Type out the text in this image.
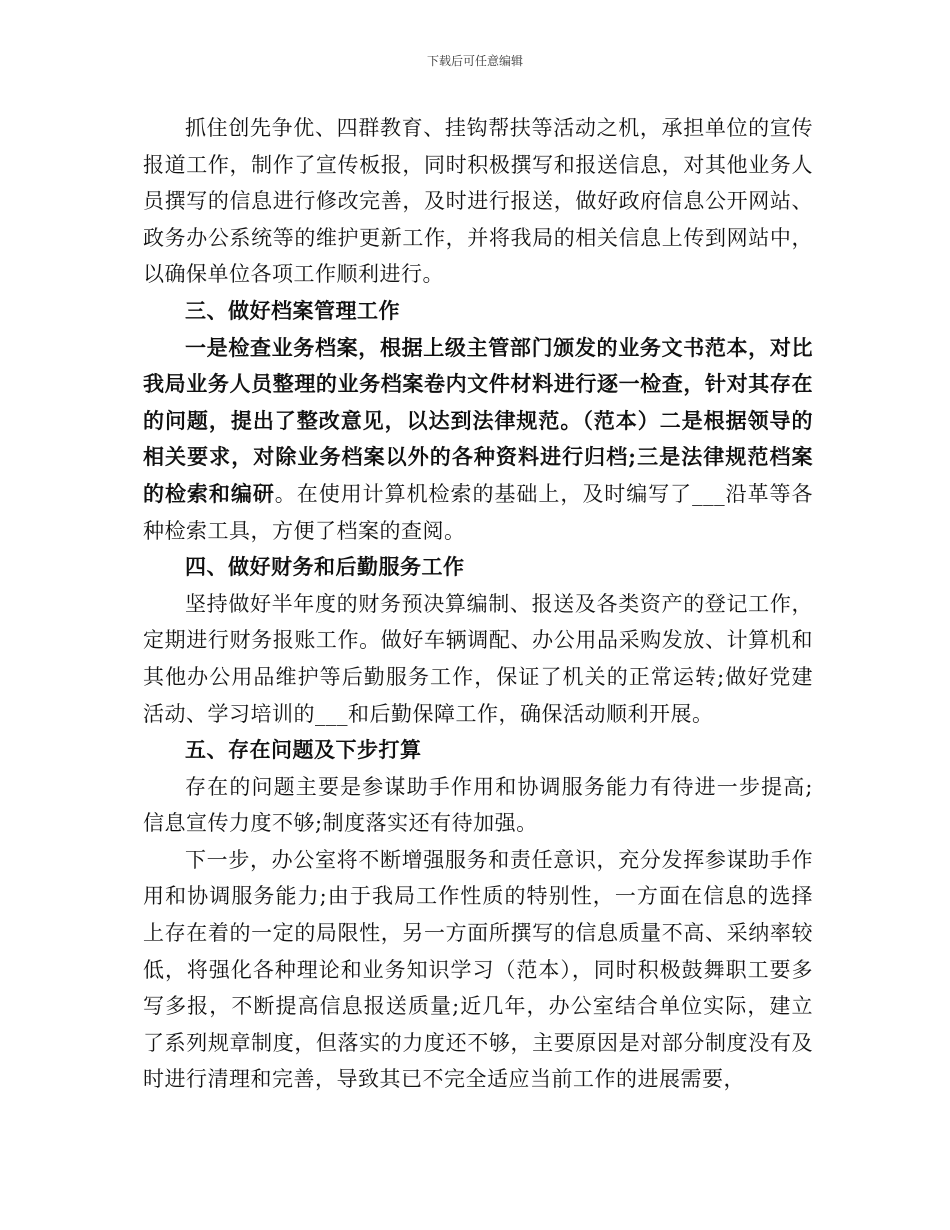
下载后可任意编辑

抓住创先争优、四群教育、挂钩帮扶等活动之机，承担单位的宣传报道工作，制作了宣传板报，同时积极撰写和报送信息，对其他业务人员撰写的信息进行修改完善，及时进行报送，做好政府信息公开网站、政务办公系统等的维护更新工作，并将我局的相关信息上传到网站中，以确保单位各项工作顺利进行。

三、做好档案管理工作

一是检查业务档案，根据上级主管部门颁发的业务文书范本，对比我局业务人员整理的业务档案卷内文件材料进行逐一检查，针对其存在的问题，提出了整改意见，以达到法律规范。（范本）二是根据领导的相关要求，对除业务档案以外的各种资料进行归档;三是法律规范档案的检索和编研。在使用计算机检索的基础上，及时编写了___沿革等各种检索工具，方便了档案的查阅。

四、做好财务和后勤服务工作

坚持做好半年度的财务预决算编制、报送及各类资产的登记工作，定期进行财务报账工作。做好车辆调配、办公用品采购发放、计算机和其他办公用品维护等后勤服务工作，保证了机关的正常运转;做好党建活动、学习培训的___和后勤保障工作，确保活动顺利开展。

五、存在问题及下步打算

存在的问题主要是参谋助手作用和协调服务能力有待进一步提高;信息宣传力度不够;制度落实还有待加强。

下一步，办公室将不断增强服务和责任意识，充分发挥参谋助手作用和协调服务能力;由于我局工作性质的特别性，一方面在信息的选择上存在着的一定的局限性，另一方面所撰写的信息质量不高、采纳率较低，将强化各种理论和业务知识学习（范本），同时积极鼓舞职工要多写多报，不断提高信息报送质量;近几年，办公室结合单位实际，建立了系列规章制度，但落实的力度还不够，主要原因是对部分制度没有及时进行清理和完善，导致其已不完全适应当前工作的进展需要，
